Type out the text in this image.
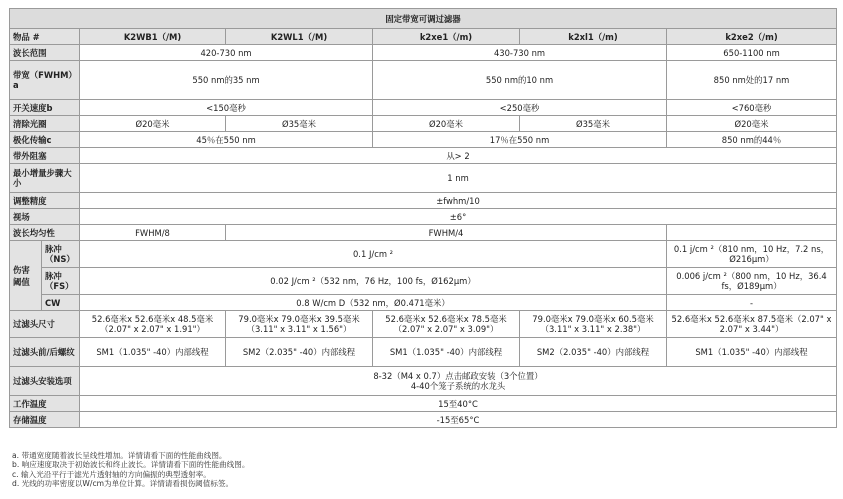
固定带宽可调过滤器						
物品 #		K2WB1（/M)	K2WL1（/M)	k2xe1（/m)	k2xl1（/m)	k2xe2（/m)
波长范围		420-730 nm		430-730 nm		650-1100 nm
带宽（FWHM）a		550 nm的35 nm		550 nm的10 nm		850 nm处的17 nm
开关速度b		<150毫秒		<250毫秒		<760毫秒
清除光圈		Ø20毫米	Ø35毫米	Ø20毫米	Ø35毫米	Ø20毫米
极化传输c		45％在550 nm		17％在550 nm		850 nm的44％
带外阻塞		从> 2				
最小增量步骤大小		1 nm				
调整精度		±fwhm/10				
视场		±6°				
波长均匀性		FWHM/8	FWHM/4			
伤害阈值	脉冲（NS）	0.1 J/cm ²				0.1 j/cm ²（810 nm，10 Hz，7.2 ns，Ø216μm）
	脉冲（FS）	0.02 J/cm ²（532 nm，76 Hz，100 fs，Ø162μm）				0.006 j/cm ²（800 nm，10 Hz，36.4 fs，Ø189μm）
	CW	0.8 W/cm D（532 nm，Ø0.471毫米）				-
过滤头尺寸		52.6毫米x 52.6毫米x 48.5毫米（2.07" x 2.07" x 1.91"）	79.0毫米x 79.0毫米x 39.5毫米（3.11" x 3.11" x 1.56"）	52.6毫米x 52.6毫米x 78.5毫米（2.07" x 2.07" x 3.09"）	79.0毫米x 79.0毫米x 60.5毫米（3.11" x 3.11" x 2.38"）	52.6毫米x 52.6毫米x 87.5毫米（2.07" x 2.07" x 3.44"）
过滤头前/后螺纹		SM1（1.035" -40）内部线程	SM2（2.035" -40）内部线程	SM1（1.035" -40）内部线程	SM2（2.035" -40）内部线程	SM1（1.035" -40）内部线程
过滤头安装选项		8-32（M4 x 0.7）点击邮政安装（3个位置）
4-40个笼子系统的水龙头				

工作温度		15至40°C				
存储温度		-15至65°C				
a. 带通宽度随着波长呈线性增加。详情请看下面的性能曲线图。
b. 响应速度取决于初始波长和终止波长。详情请看下面的性能曲线图。
c. 输入光沿平行于滤光片透射轴的方向偏振的典型透射率。
d. 光线的功率密度以W/cm为单位计算。详情请看损伤阈值标签。
